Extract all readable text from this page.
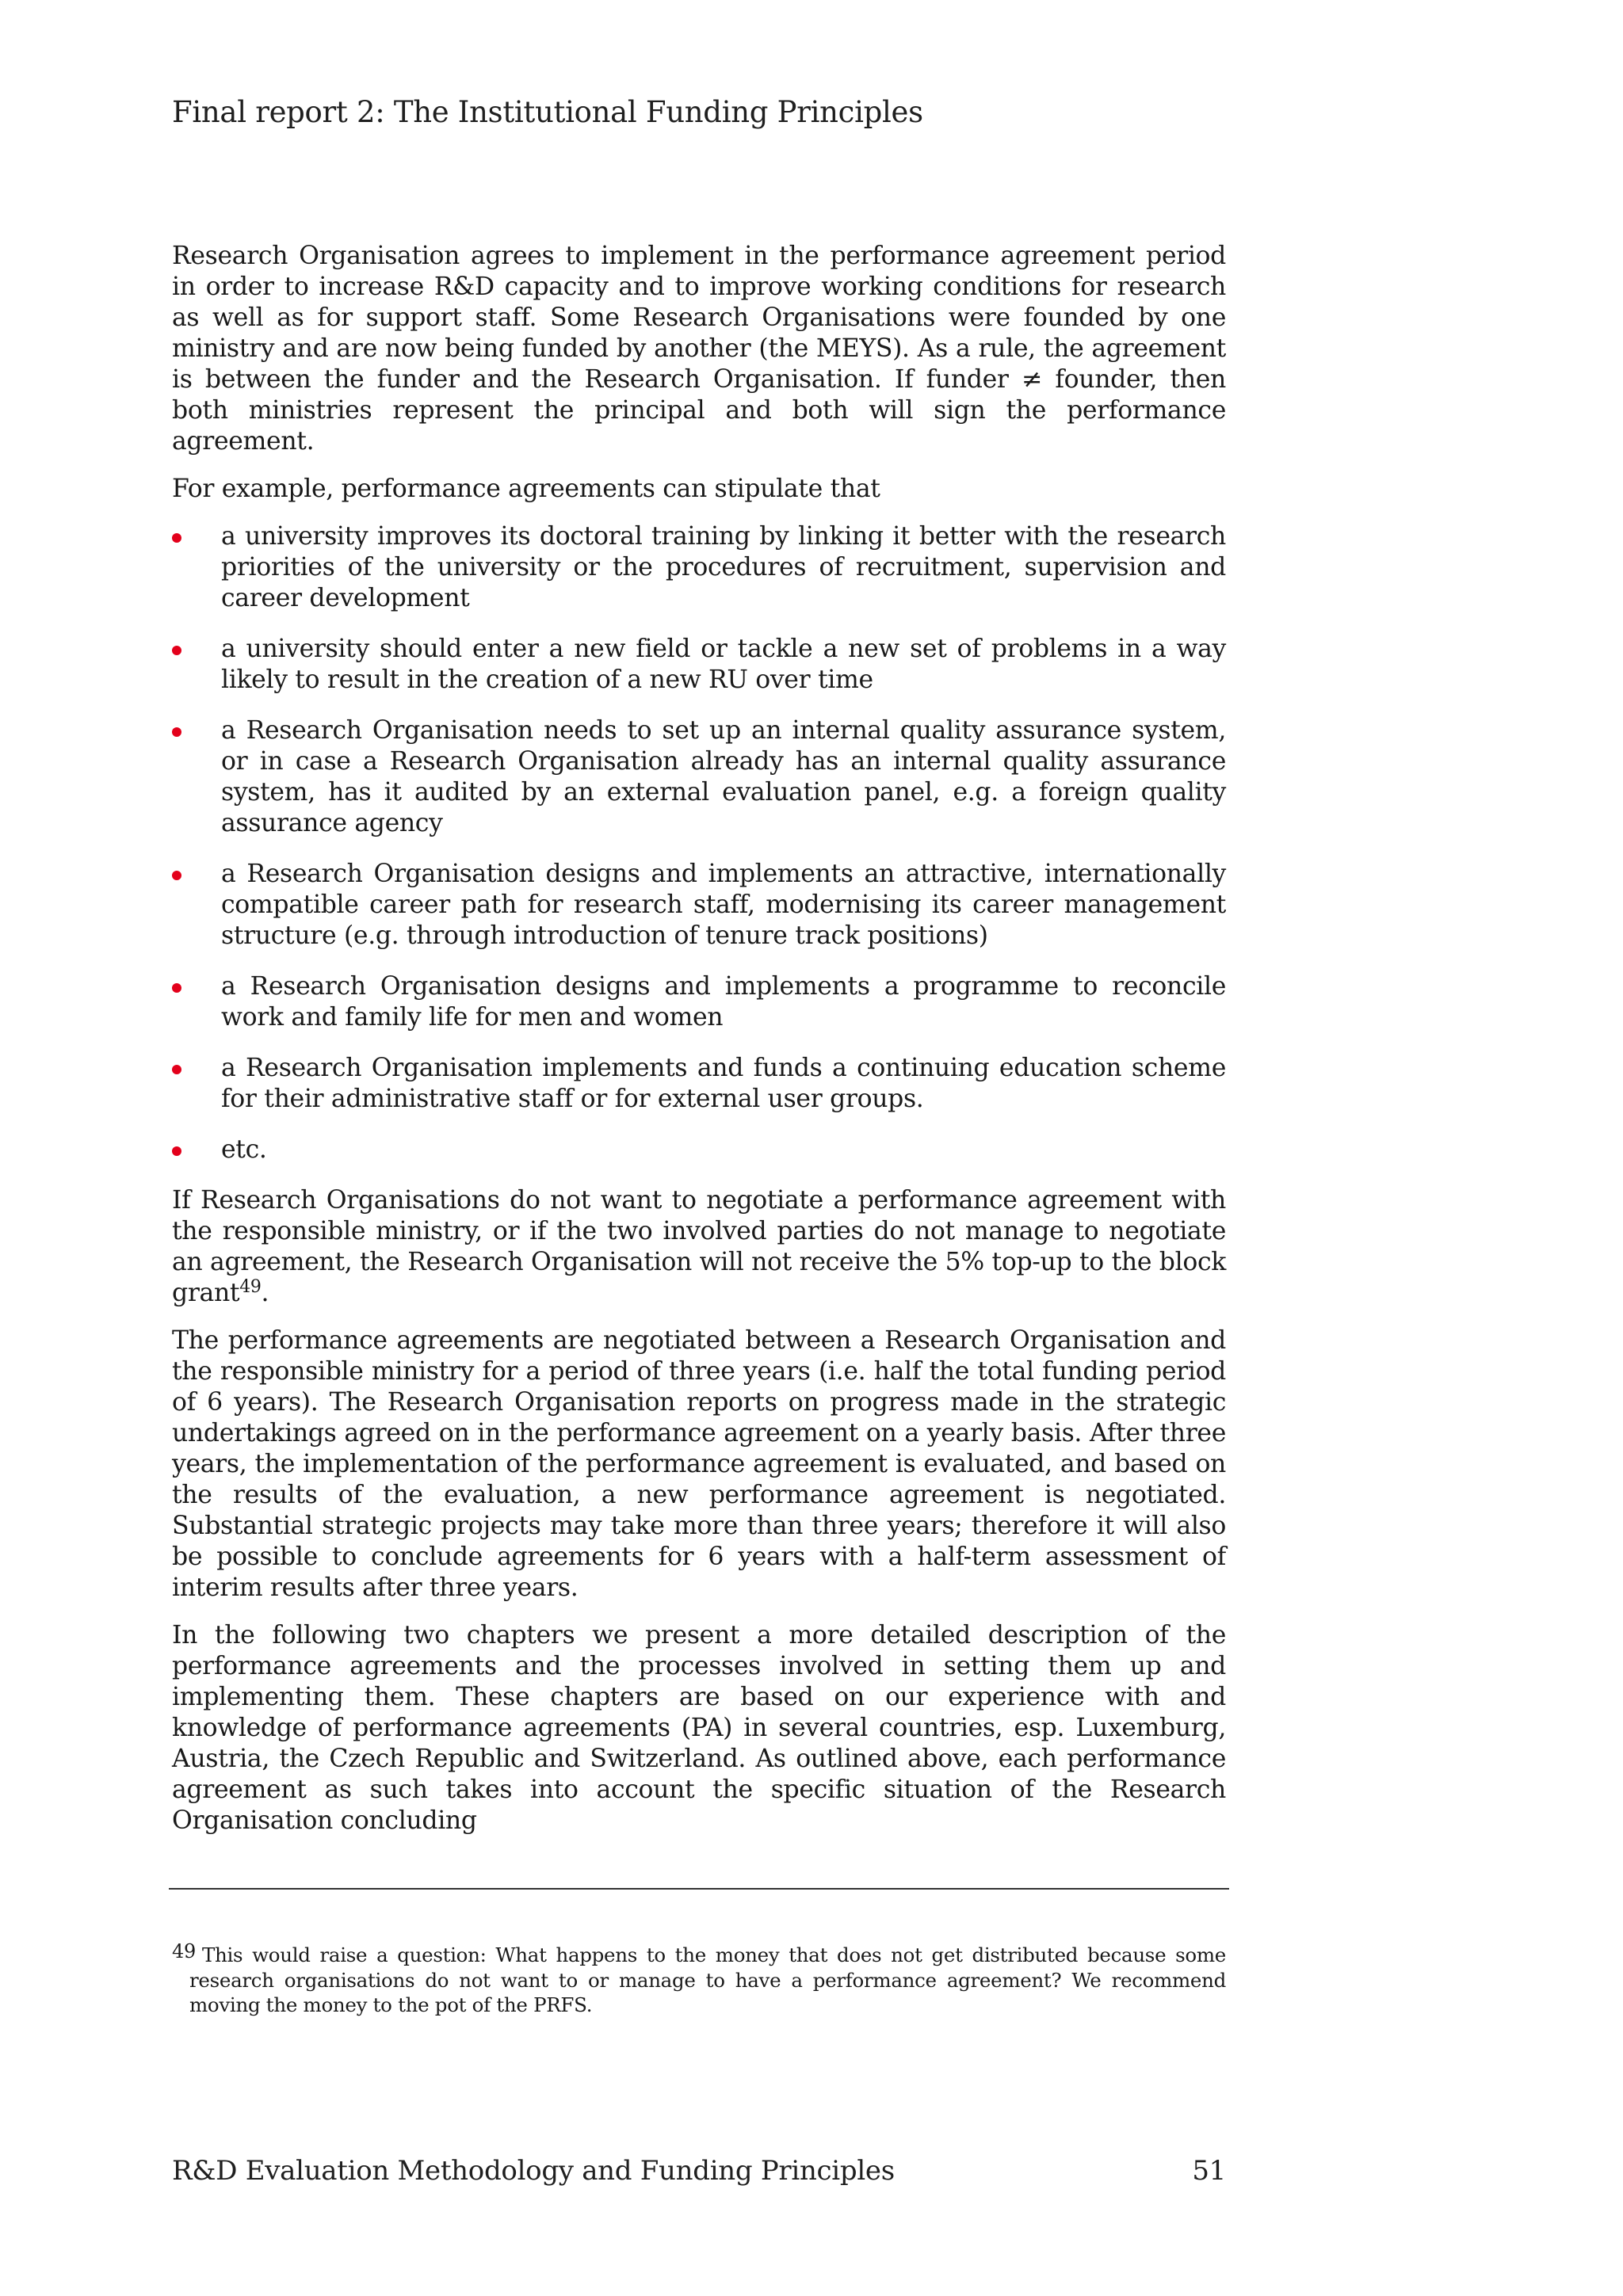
Final report 2: The Institutional Funding Principles

Research Organisation agrees to implement in the performance agreement period in order to increase R&D capacity and to improve working conditions for research as well as for support staff. Some Research Organisations were founded by one ministry and are now being funded by another (the MEYS). As a rule, the agreement is between the funder and the Research Organisation. If funder ≠ founder, then both ministries represent the principal and both will sign the performance agreement.

For example, performance agreements can stipulate that

a university improves its doctoral training by linking it better with the research priorities of the university or the procedures of recruitment, supervision and career development
a university should enter a new field or tackle a new set of problems in a way likely to result in the creation of a new RU over time
a Research Organisation needs to set up an internal quality assurance system, or in case a Research Organisation already has an internal quality assurance system, has it audited by an external evaluation panel, e.g. a foreign quality assurance agency
a Research Organisation designs and implements an attractive, internationally compatible career path for research staff, modernising its career management structure (e.g. through introduction of tenure track positions)
a Research Organisation designs and implements a programme to reconcile work and family life for men and women
a Research Organisation implements and funds a continuing education scheme for their administrative staff or for external user groups.
etc.

If Research Organisations do not want to negotiate a performance agreement with the responsible ministry, or if the two involved parties do not manage to negotiate an agreement, the Research Organisation will not receive the 5% top-up to the block grant$^{49}$.

The performance agreements are negotiated between a Research Organisation and the responsible ministry for a period of three years (i.e. half the total funding period of 6 years). The Research Organisation reports on progress made in the strategic undertakings agreed on in the performance agreement on a yearly basis. After three years, the implementation of the performance agreement is evaluated, and based on the results of the evaluation, a new performance agreement is negotiated. Substantial strategic projects may take more than three years; therefore it will also be possible to conclude agreements for 6 years with a half-term assessment of interim results after three years.

In the following two chapters we present a more detailed description of the performance agreements and the processes involved in setting them up and implementing them. These chapters are based on our experience with and knowledge of performance agreements (PA) in several countries, esp. Luxemburg, Austria, the Czech Republic and Switzerland. As outlined above, each performance agreement as such takes into account the specific situation of the Research Organisation concluding

49 This would raise a question: What happens to the money that does not get distributed because some research organisations do not want to or manage to have a performance agreement? We recommend moving the money to the pot of the PRFS.
R&D Evaluation Methodology and Funding Principles	51
